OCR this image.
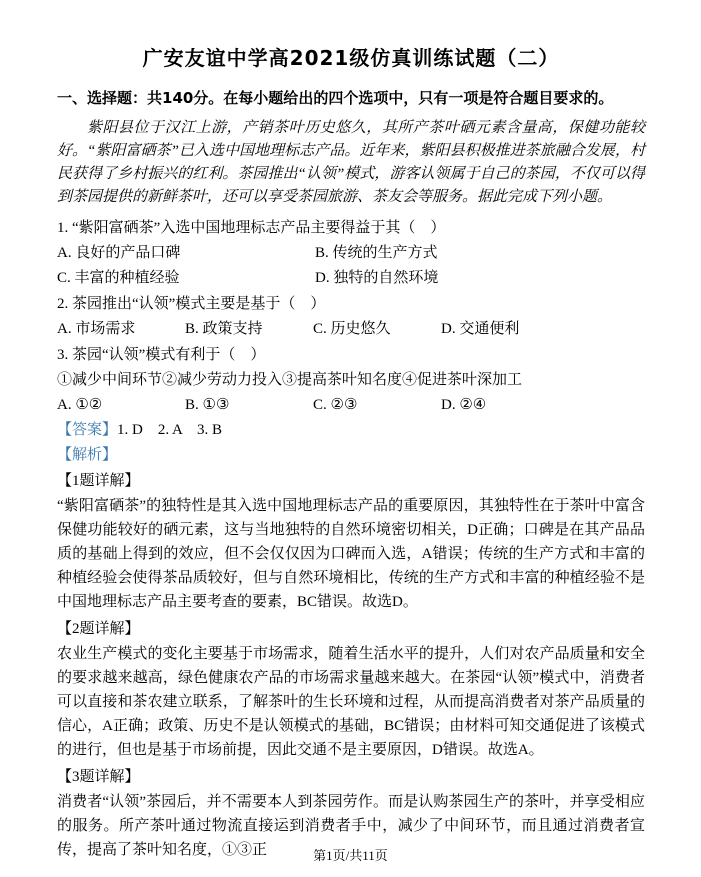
广安友谊中学高2021级仿真训练试题（二）
一、选择题：共140分。在每小题给出的四个选项中，只有一项是符合题目要求的。

紫阳县位于汉江上游，产销茶叶历史悠久，其所产茶叶硒元素含量高，保健功能较好。“紫阳富硒茶”已入选中国地理标志产品。近年来，紫阳县积极推进茶旅融合发展，村民获得了乡村振兴的红利。茶园推出“认领”模式，游客认领属于自己的茶园，不仅可以得到茶园提供的新鲜茶叶，还可以享受茶园旅游、茶友会等服务。据此完成下列小题。

1. “紫阳富硒茶”入选中国地理标志产品主要得益于其（　）
A. 良好的产品口碑	B. 传统的生产方式
C. 丰富的种植经验	D. 独特的自然环境
2. 茶园推出“认领”模式主要是基于（　）
A. 市场需求	B. 政策支持	C. 历史悠久	D. 交通便利
3. 茶园“认领”模式有利于（　）
①减少中间环节②减少劳动力投入③提高茶叶知名度④促进茶叶深加工
A. ①②	B. ①③	C. ②③	D. ②④
【答案】1. D    2. A    3. B
【解析】
【1题详解】
“紫阳富硒茶”的独特性是其入选中国地理标志产品的重要原因，其独特性在于茶叶中富含保健功能较好的硒元素，这与当地独特的自然环境密切相关，D正确；口碑是在其产品品质的基础上得到的效应，但不会仅仅因为口碑而入选，A错误；传统的生产方式和丰富的种植经验会使得茶品质较好，但与自然环境相比，传统的生产方式和丰富的种植经验不是中国地理标志产品主要考查的要素，BC错误。故选D。
【2题详解】
农业生产模式的变化主要基于市场需求，随着生活水平的提升，人们对农产品质量和安全的要求越来越高，绿色健康农产品的市场需求量越来越大。在茶园“认领”模式中，消费者可以直接和茶农建立联系，了解茶叶的生长环境和过程，从而提高消费者对茶产品质量的信心，A正确；政策、历史不是认领模式的基础，BC错误；由材料可知交通促进了该模式的进行，但也是基于市场前提，因此交通不是主要原因，D错误。故选A。
【3题详解】
消费者“认领”茶园后，并不需要本人到茶园劳作。而是认购茶园生产的茶叶，并享受相应的服务。所产茶叶通过物流直接运到消费者手中，减少了中间环节，而且通过消费者宣传，提高了茶叶知名度，①③正	第1页/共11页
